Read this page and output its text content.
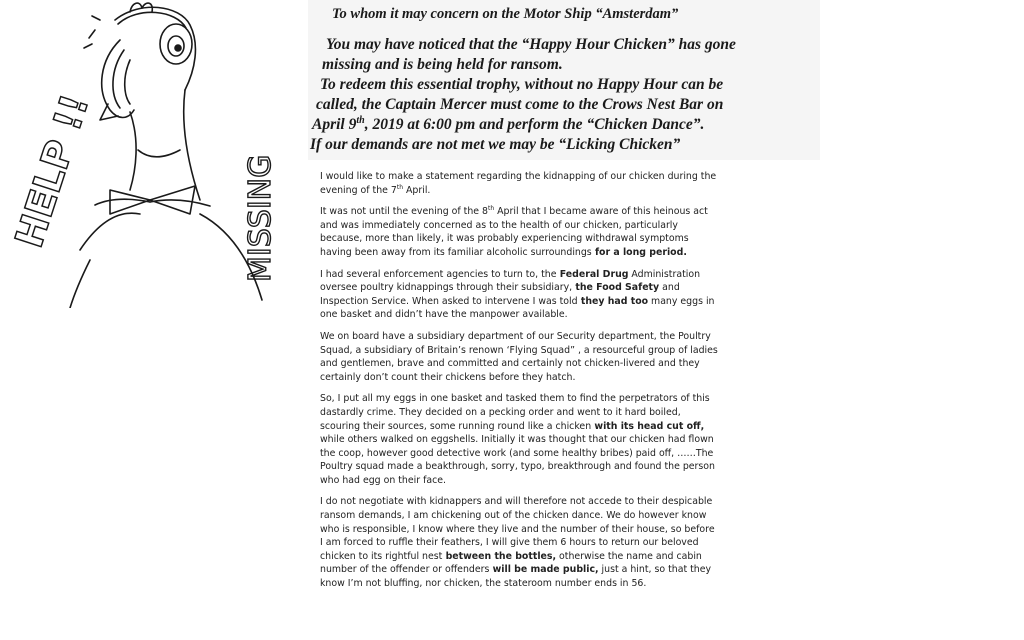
HELP !!	MISSING
To whom it may concern on the Motor Ship “Amsterdam”
You may have noticed that the “Happy Hour Chicken” has gone
missing and is being held for ransom.
To redeem this essential trophy, without no Happy Hour can be
called, the Captain Mercer must come to the Crows Nest Bar on
April 9th, 2019 at 6:00 pm and perform the “Chicken Dance”.
If our demands are not met we may be “Licking Chicken”

I would like to make a statement regarding the kidnapping of our chicken during the evening of the 7th April.

It was not until the evening of the 8th April that I became aware of this heinous act and was immediately concerned as to the health of our chicken, particularly because, more than likely, it was probably experiencing withdrawal symptoms having been away from its familiar alcoholic surroundings for a long period.

I had several enforcement agencies to turn to, the Federal Drug Administration oversee poultry kidnappings through their subsidiary, the Food Safety and Inspection Service. When asked to intervene I was told they had too many eggs in one basket and didn’t have the manpower available.

We on board have a subsidiary department of our Security department, the Poultry Squad, a subsidiary of Britain’s renown ‘Flying Squad” , a resourceful group of ladies and gentlemen, brave and committed and certainly not chicken-livered and they certainly don’t count their chickens before they hatch.

So, I put all my eggs in one basket and tasked them to find the perpetrators of this dastardly crime. They decided on a pecking order and went to it hard boiled, scouring their sources, some running round like a chicken with its head cut off, while others walked on eggshells. Initially it was thought that our chicken had flown the coop, however good detective work (and some healthy bribes) paid off, ……The Poultry squad made a beakthrough, sorry, typo, breakthrough and found the person who had egg on their face.

I do not negotiate with kidnappers and will therefore not accede to their despicable ransom demands, I am chickening out of the chicken dance. We do however know who is responsible, I know where they live and the number of their house, so before I am forced to ruffle their feathers, I will give them 6 hours to return our beloved chicken to its rightful nest between the bottles, otherwise the name and cabin number of the offender or offenders will be made public, just a hint, so that they know I’m not bluffing, nor chicken, the stateroom number ends in 56.
